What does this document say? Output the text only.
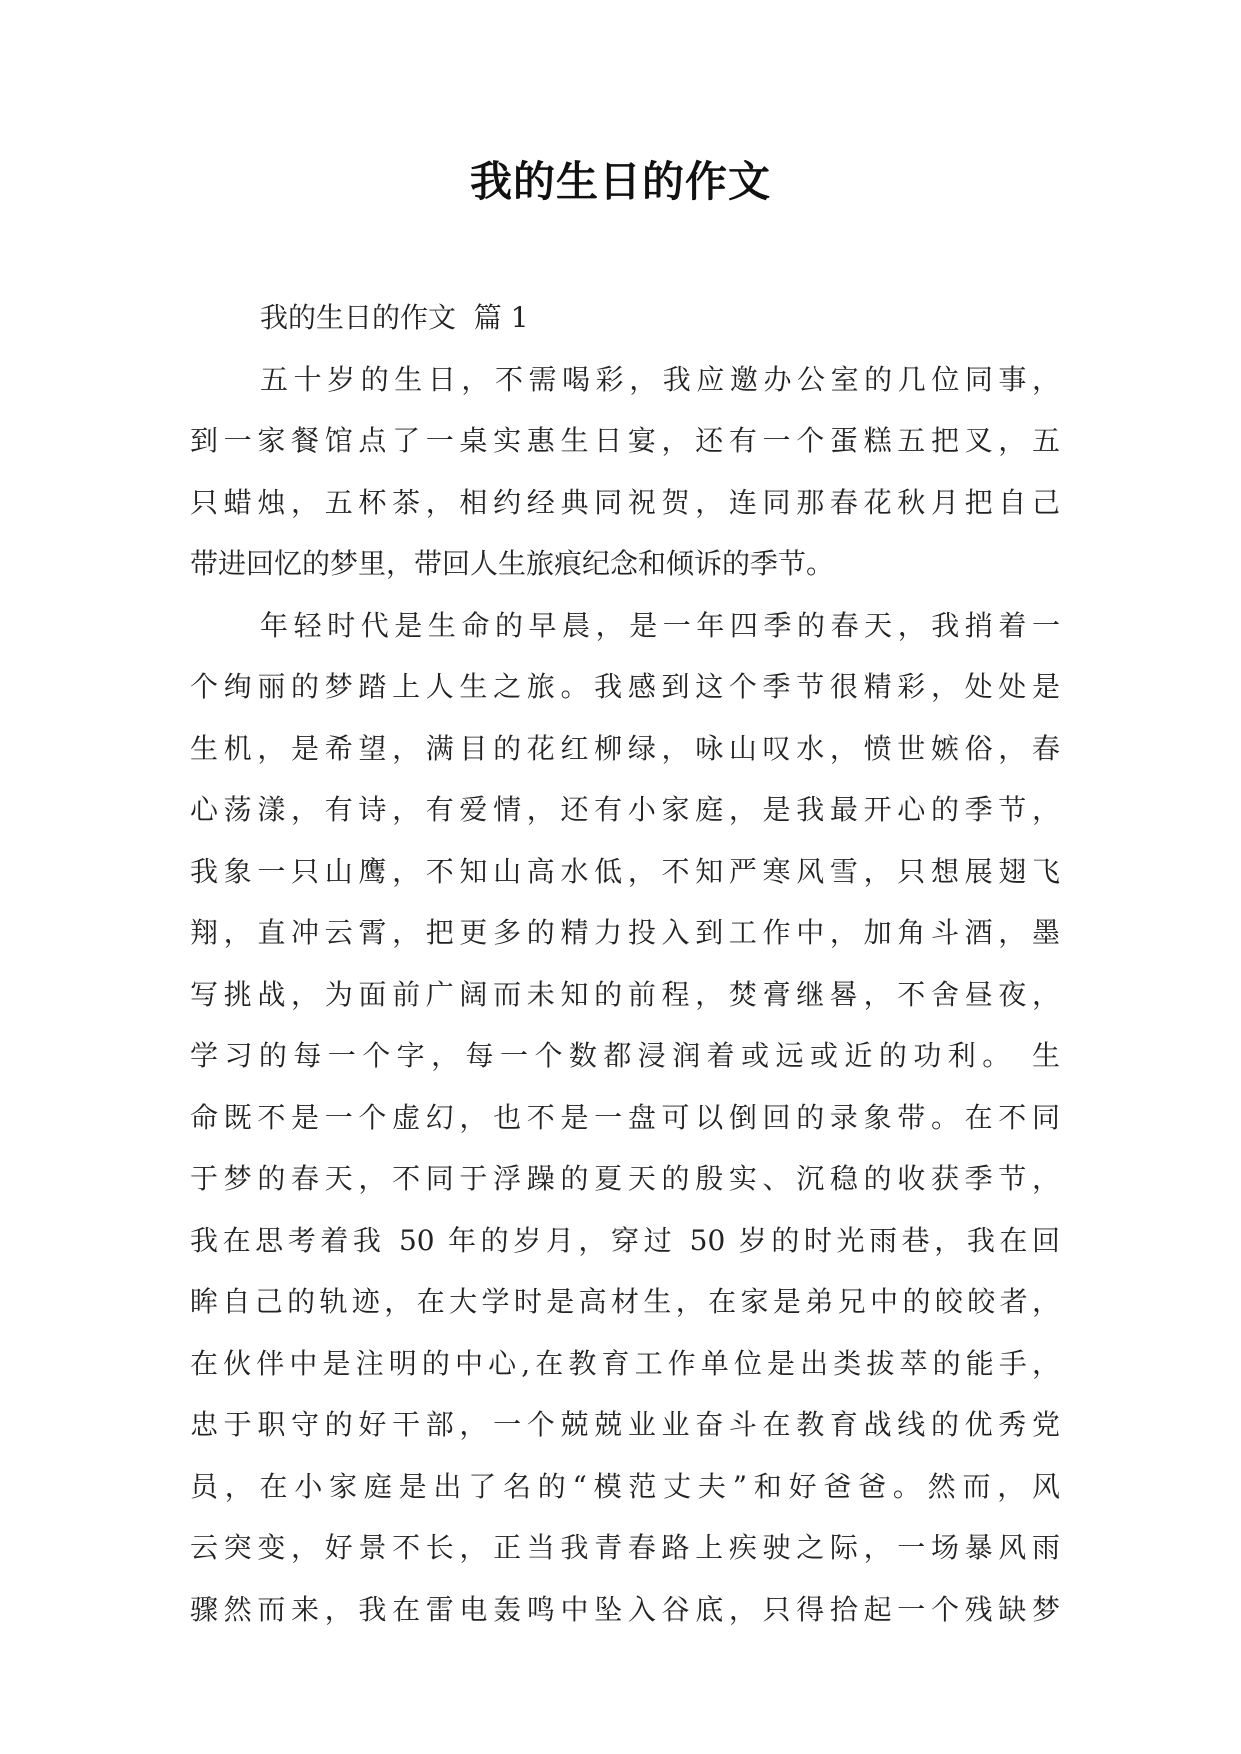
我的生日的作文
我的生日的作文  篇 1
五十岁的生日，不需喝彩，我应邀办公室的几位同事，
到一家餐馆点了一桌实惠生日宴，还有一个蛋糕五把叉，五
只蜡烛，五杯茶，相约经典同祝贺，连同那春花秋月把自己
带进回忆的梦里，带回人生旅痕纪念和倾诉的季节。
年轻时代是生命的早晨，是一年四季的春天，我捎着一
个绚丽的梦踏上人生之旅。我感到这个季节很精彩，处处是
生机，是希望，满目的花红柳绿，咏山叹水，愤世嫉俗，春
心荡漾，有诗，有爱情，还有小家庭，是我最开心的季节，
我象一只山鹰，不知山高水低，不知严寒风雪，只想展翅飞
翔，直冲云霄，把更多的精力投入到工作中，加角斗酒，墨
写挑战，为面前广阔而未知的前程，焚膏继晷，不舍昼夜，
学习的每一个字，每一个数都浸润着或远或近的功利。 生
命既不是一个虚幻，也不是一盘可以倒回的录象带。在不同
于梦的春天，不同于浮躁的夏天的殷实、沉稳的收获季节，
我在思考着我 50 年的岁月，穿过 50 岁的时光雨巷，我在回
眸自己的轨迹，在大学时是高材生，在家是弟兄中的皎皎者，
在伙伴中是注明的中心,在教育工作单位是出类拔萃的能手，
忠于职守的好干部，一个兢兢业业奋斗在教育战线的优秀党
员，在小家庭是出了名的“模范丈夫”和好爸爸。然而，风
云突变，好景不长，正当我青春路上疾驶之际，一场暴风雨
骤然而来，我在雷电轰鸣中坠入谷底，只得拾起一个残缺梦
